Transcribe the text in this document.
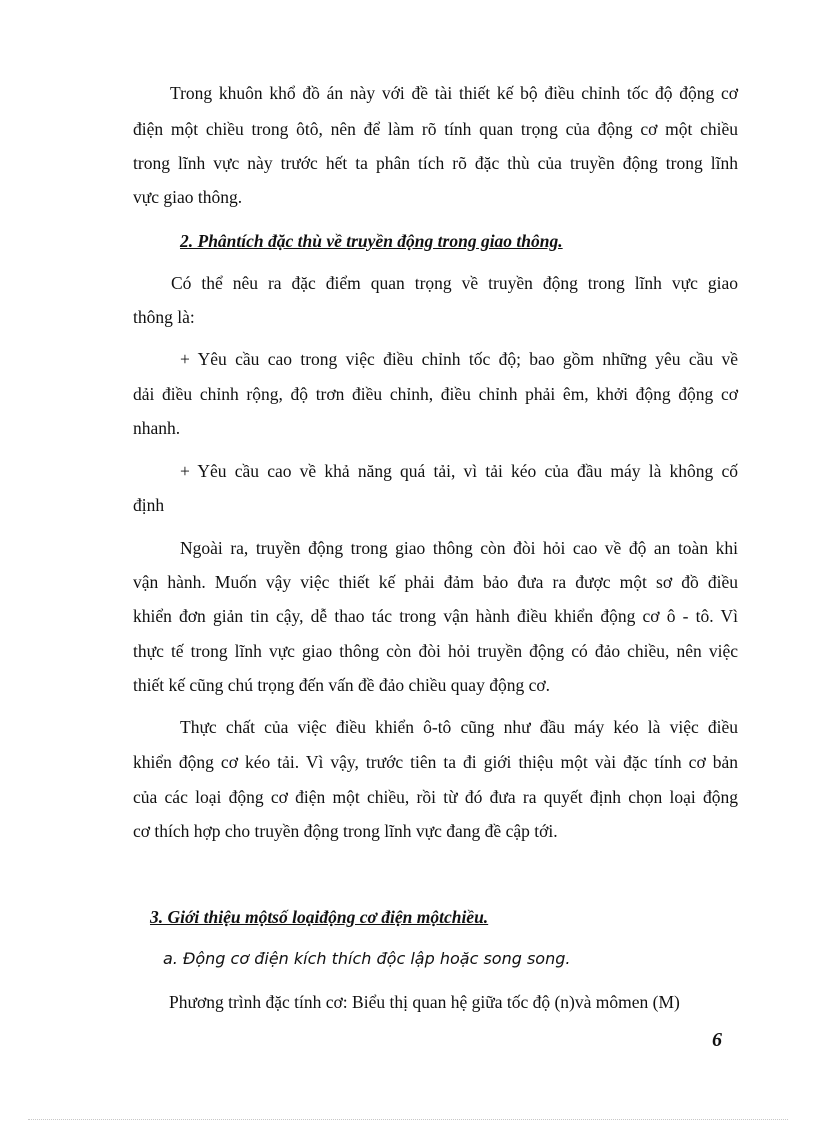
Trong khuôn khổ đồ án này với đề tài thiết kế bộ điều chỉnh tốc độ động cơ
điện một chiều trong ôtô, nên để làm rõ tính quan trọng của động cơ một chiều
trong lĩnh vực này trước hết ta phân tích rõ đặc thù của truyền động trong lĩnh
vực giao thông.
2. Phântích đặc thù về truyền động trong giao thông.
Có thể nêu ra đặc điểm quan trọng về truyền động trong lĩnh vực giao
thông là:
+ Yêu cầu cao trong việc điều chỉnh tốc độ; bao gồm những yêu cầu về
dải điều chỉnh rộng, độ trơn điều chỉnh, điều chỉnh phải êm, khởi động động cơ
nhanh.
+ Yêu cầu cao về khả năng quá tải, vì tải kéo của đầu máy là không cố
định
Ngoài ra, truyền động trong giao thông còn đòi hỏi cao về độ an toàn khi
vận hành. Muốn vậy việc thiết kế phải đảm bảo đưa ra được một sơ đồ điều
khiển đơn giản tin cậy, dễ thao tác trong vận hành điều khiển động cơ ô - tô. Vì
thực tế trong lĩnh vực giao thông còn đòi hỏi truyền động có đảo chiều, nên việc
thiết kế cũng chú trọng đến vấn đề đảo chiều quay động cơ.
Thực chất của việc điều khiển ô-tô cũng như đầu máy kéo là việc điều
khiển động cơ kéo tải. Vì vậy, trước tiên ta đi giới thiệu một vài đặc tính cơ bản
của các loại động cơ điện một chiều, rồi từ đó đưa ra quyết định chọn loại động
cơ thích hợp cho truyền động trong lĩnh vực đang đề cập tới.
3. Giới thiệu mộtsố loạiđộng cơ điện mộtchiều.
a. Động cơ điện kích thích độc lập hoặc song song.
Phương trình đặc tính cơ: Biểu thị quan hệ giữa tốc độ (n)và mômen (M)
6
